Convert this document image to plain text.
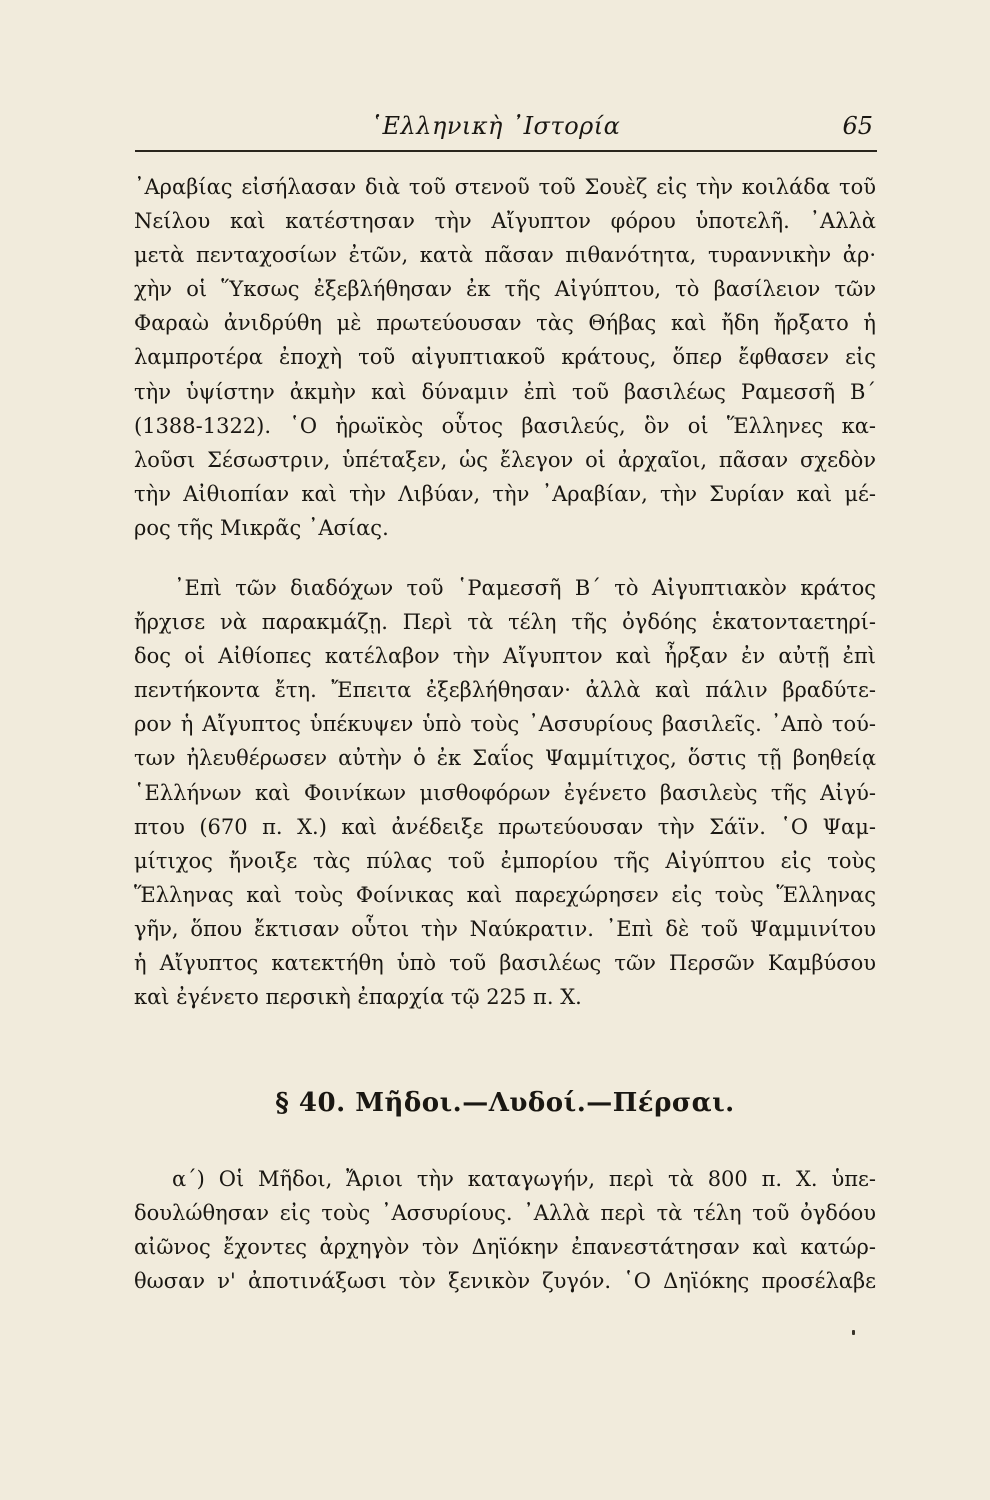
῾Ελληνικὴ ᾿Ιστορία	65

᾿Αραβίας εἰσήλασαν διὰ τοῦ στενοῦ τοῦ Σουὲζ εἰς τὴν κοιλάδα τοῦ
Νείλου καὶ κατέστησαν τὴν Αἴγυπτον φόρου ὑποτελῆ. ᾿Αλλὰ
μετὰ πενταχοσίων ἐτῶν, κατὰ πᾶσαν πιθανότητα, τυραννικὴν ἀρ·
χὴν οἱ Ὕκσως ἐξεβλήθησαν ἐκ τῆς Αἰγύπτου, τὸ βασίλειον τῶν
Φαραὼ ἀνιδρύθη μὲ πρωτεύουσαν τὰς Θήβας καὶ ἤδη ἤρξατο ἡ
λαμπροτέρα ἐποχὴ τοῦ αἰγυπτιακοῦ κράτους, ὅπερ ἔφθασεν εἰς
τὴν ὑψίστην ἀκμὴν καὶ δύναμιν ἐπὶ τοῦ βασιλέως Ραμεσσῆ Β΄
(1388-1322). ῾Ο ἡρωϊκὸς οὗτος βασιλεύς, ὃν οἱ Ἕλληνες κα-
λοῦσι Σέσωστριν, ὑπέταξεν, ὡς ἔλεγον οἱ ἀρχαῖοι, πᾶσαν σχεδὸν
τὴν Αἰθιοπίαν καὶ τὴν Λιβύαν, τὴν ᾿Αραβίαν, τὴν Συρίαν καὶ μέ-
ρος τῆς Μικρᾶς ᾿Ασίας.

᾿Επὶ τῶν διαδόχων τοῦ ῾Ραμεσσῆ Β΄ τὸ Αἰγυπτιακὸν κράτος
ἤρχισε νὰ παρακμάζῃ. Περὶ τὰ τέλη τῆς ὀγδόης ἑκατονταετηρί-
δος οἱ Αἰθίοπες κατέλαβον τὴν Αἴγυπτον καὶ ἦρξαν ἐν αὐτῇ ἐπὶ
πεντήκοντα ἔτη. Ἔπειτα ἐξεβλήθησαν· ἀλλὰ καὶ πάλιν βραδύτε-
ρον ἡ Αἴγυπτος ὑπέκυψεν ὑπὸ τοὺς ᾿Ασσυρίους βασιλεῖς. ᾿Απὸ τού-
των ἠλευθέρωσεν αὐτὴν ὁ ἐκ Σαΐος Ψαμμίτιχος, ὅστις τῇ βοηθείᾳ
῾Ελλήνων καὶ Φοινίκων μισθοφόρων ἐγένετο βασιλεὺς τῆς Αἰγύ-
πτου (670 π. Χ.) καὶ ἀνέδειξε πρωτεύουσαν τὴν Σάϊν. ῾Ο Ψαμ-
μίτιχος ἤνοιξε τὰς πύλας τοῦ ἐμπορίου τῆς Αἰγύπτου εἰς τοὺς
Ἕλληνας καὶ τοὺς Φοίνικας καὶ παρεχώρησεν εἰς τοὺς Ἕλληνας
γῆν, ὅπου ἔκτισαν οὗτοι τὴν Ναύκρατιν. ᾿Επὶ δὲ τοῦ Ψαμμινίτου
ἡ Αἴγυπτος κατεκτήθη ὑπὸ τοῦ βασιλέως τῶν Περσῶν Καμβύσου
καὶ ἐγένετο περσικὴ ἐπαρχία τῷ 225 π. Χ.

§ 40. Μῆδοι.—Λυδοί.—Πέρσαι.

α΄) Οἱ Μῆδοι, Ἄριοι τὴν καταγωγήν, περὶ τὰ 800 π. Χ. ὑπε-
δουλώθησαν εἰς τοὺς ᾿Ασσυρίους. ᾿Αλλὰ περὶ τὰ τέλη τοῦ ὀγδόου
αἰῶνος ἔχοντες ἀρχηγὸν τὸν Δηϊόκην ἐπανεστάτησαν καὶ κατώρ-
θωσαν ν' ἀποτινάξωσι τὸν ξενικὸν ζυγόν. ῾Ο Δηϊόκης προσέλαβε
